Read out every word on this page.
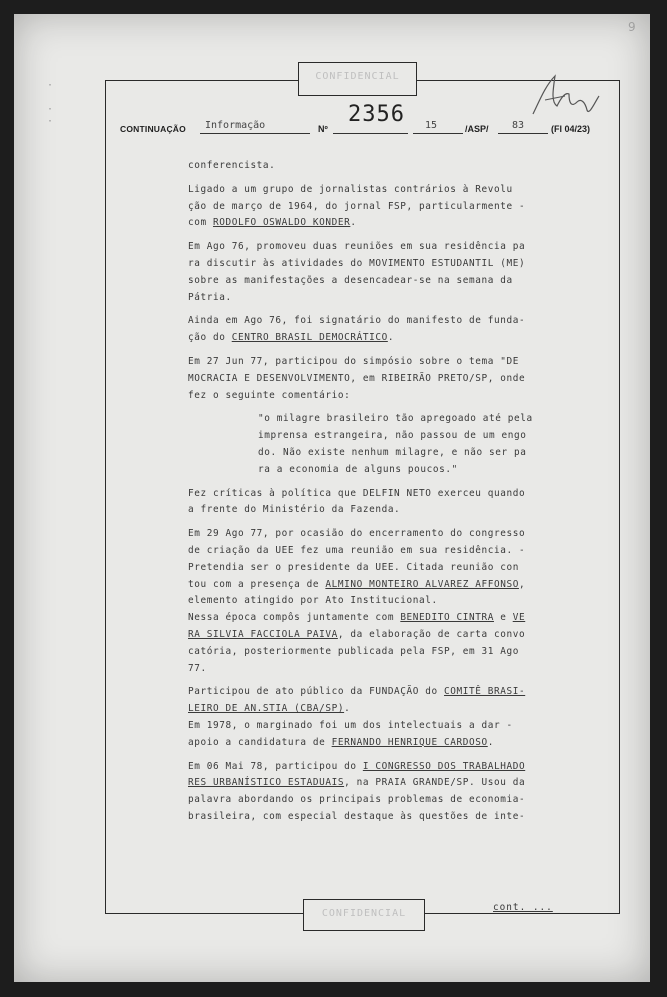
·

·
·
CONFIDENCIAL
9
CONTINUAÇÃO Informação	Nº
2356 15	/ASP/ 83	(Fl 04/23)
conferencista.
Ligado a um grupo de jornalistas contrários à Revolu
ção de março de 1964, do jornal FSP, particularmente -
com RODOLFO OSWALDO KONDER.
Em Ago 76, promoveu duas reuniões em sua residência pa
ra discutir às atividades do MOVIMENTO ESTUDANTIL (ME)
sobre as manifestações a desencadear-se na semana da
Pátria.
Ainda em Ago 76, foi signatário do manifesto de funda-
ção do CENTRO BRASIL DEMOCRÁTICO.
Em 27 Jun 77, participou do simpósio sobre o tema "DE
MOCRACIA E DESENVOLVIMENTO, em RIBEIRÃO PRETO/SP, onde
fez o seguinte comentário:
"o milagre brasileiro tão apregoado até pela
imprensa estrangeira, não passou de um engo
do. Não existe nenhum milagre, e não ser pa
ra a economia de alguns poucos."
Fez críticas à política que DELFIN NETO exerceu quando
a frente do Ministério da Fazenda.
Em 29 Ago 77, por ocasião do encerramento do congresso
de criação da UEE fez uma reunião em sua residência. -
Pretendia ser o presidente da UEE. Citada reunião con
tou com a presença de ALMINO MONTEIRO ALVAREZ AFFONSO,
elemento atingido por Ato Institucional.
Nessa época compôs juntamente com BENEDITO CINTRA e VE
RA SILVIA FACCIOLA PAIVA, da elaboração de carta convo
catória, posteriormente publicada pela FSP, em 31 Ago
77.
Participou de ato público da FUNDAÇÃO do COMITÊ BRASI-
LEIRO DE AN.STIA (CBA/SP).
Em 1978, o marginado foi um dos intelectuais a dar -
apoio a candidatura de FERNANDO HENRIQUE CARDOSO.
Em 06 Mai 78, participou do I CONGRESSO DOS TRABALHADO
RES URBANÍSTICO ESTADUAIS, na PRAIA GRANDE/SP. Usou da
palavra abordando os principais problemas de economia-
brasileira, com especial destaque às questões de inte-
CONFIDENCIAL
cont. ...
